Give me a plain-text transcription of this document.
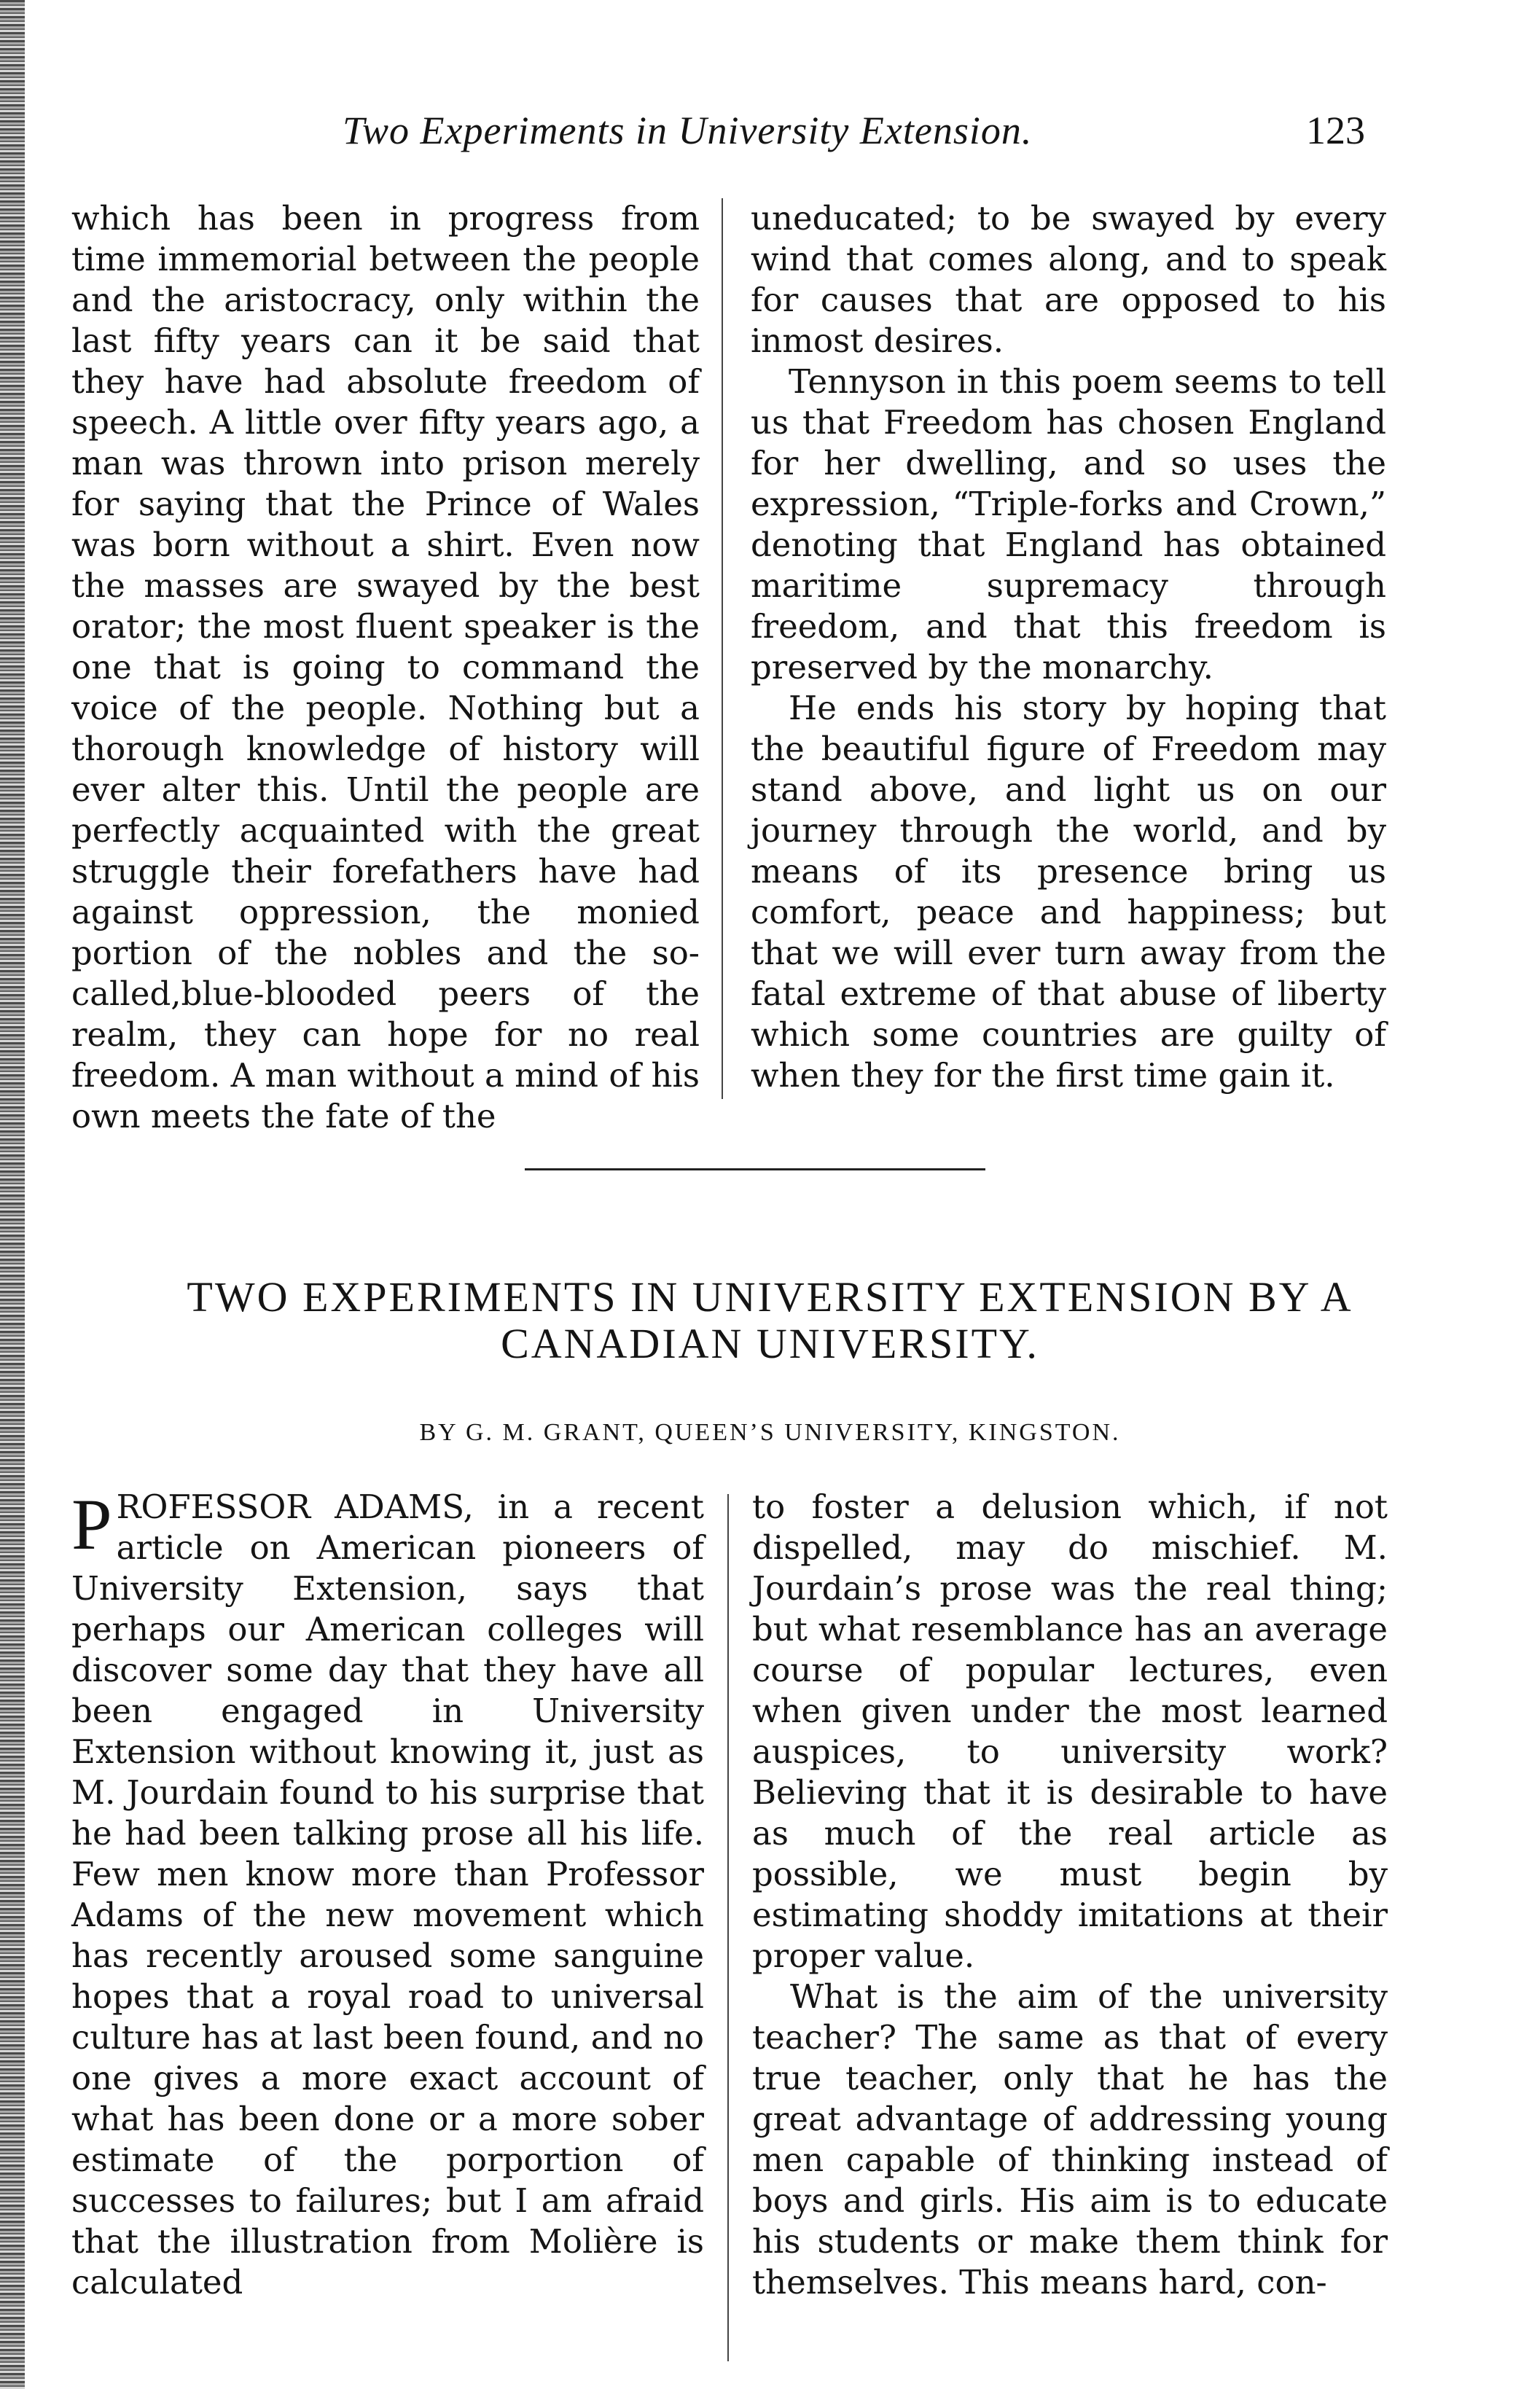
Two Experiments in University Extension.	123

which has been in progress from time immemorial between the people and the aristocracy, only within the last fifty years can it be said that they have had absolute freedom of speech. A little over fifty years ago, a man was thrown into prison merely for saying that the Prince of Wales was born without a shirt. Even now the masses are swayed by the best orator; the most fluent speaker is the one that is going to command the voice of the people. Nothing but a thorough knowledge of history will ever alter this. Until the people are perfectly acquainted with the great struggle their forefathers have had against oppression, the monied portion of the nobles and the so-called,blue-blooded peers of the realm, they can hope for no real freedom. A man without a mind of his own meets the fate of the

uneducated; to be swayed by every wind that comes along, and to speak for causes that are opposed to his inmost desires.

Tennyson in this poem seems to tell us that Freedom has chosen England for her dwelling, and so uses the expression, “Triple-forks and Crown,” denoting that England has obtained maritime supremacy through freedom, and that this freedom is preserved by the monarchy.

He ends his story by hoping that the beautiful figure of Freedom may stand above, and light us on our journey through the world, and by means of its presence bring us comfort, peace and happiness; but that we will ever turn away from the fatal extreme of that abuse of liberty which some countries are guilty of when they for the first time gain it.

TWO EXPERIMENTS IN UNIVERSITY EXTENSION BY A CANADIAN UNIVERSITY.
BY G. M. GRANT, QUEEN’S UNIVERSITY, KINGSTON.

PROFESSOR ADAMS, in a recent article on American pioneers of University Extension, says that perhaps our American colleges will discover some day that they have all been engaged in University Extension without knowing it, just as M. Jourdain found to his surprise that he had been talking prose all his life. Few men know more than Professor Adams of the new movement which has recently aroused some sanguine hopes that a royal road to universal culture has at last been found, and no one gives a more exact account of what has been done or a more sober estimate of the porportion of successes to failures; but I am afraid that the illustration from Molière is calculated

to foster a delusion which, if not dispelled, may do mischief. M. Jourdain’s prose was the real thing; but what resemblance has an average course of popular lectures, even when given under the most learned auspices, to university work? Believing that it is desirable to have as much of the real article as possible, we must begin by estimating shoddy imitations at their proper value.

What is the aim of the university teacher? The same as that of every true teacher, only that he has the great advantage of addressing young men capable of thinking instead of boys and girls. His aim is to educate his students or make them think for themselves. This means hard, con-
